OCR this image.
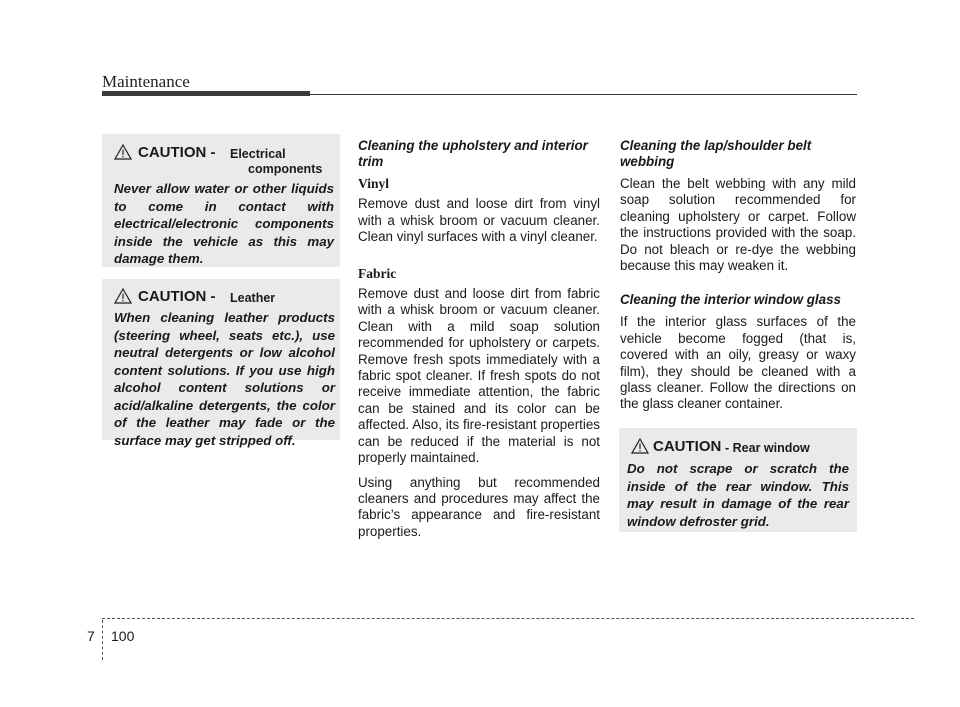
Maintenance
CAUTION - Electrical
components
Never allow water or other liquids to come in contact with electrical/electronic components inside the vehicle as this may damage them.
CAUTION - Leather
When cleaning leather products (steering wheel, seats etc.), use neutral detergents or low alcohol content solutions. If you use high alcohol content solutions or acid/alkaline detergents, the color of the leather may fade or the surface may get stripped off.
Cleaning the upholstery and interior trim
Vinyl

Remove dust and loose dirt from vinyl with a whisk broom or vacuum cleaner. Clean vinyl surfaces with a vinyl cleaner.

Fabric

Remove dust and loose dirt from fabric with a whisk broom or vacuum cleaner. Clean with a mild soap solution recommended for upholstery or carpets. Remove fresh spots immediately with a fabric spot cleaner. If fresh spots do not receive immediate attention, the fabric can be stained and its color can be affected. Also, its fire-resistant properties can be reduced if the material is not properly maintained.

Using anything but recommended cleaners and procedures may affect the fabric’s appearance and fire-resistant properties.

Cleaning the lap/shoulder belt webbing

Clean the belt webbing with any mild soap solution recommended for cleaning upholstery or carpet. Follow the instructions provided with the soap. Do not bleach or re-dye the webbing because this may weaken it.

Cleaning the interior window glass

If the interior glass surfaces of the vehicle become fogged (that is, covered with an oily, greasy or waxy film), they should be cleaned with a glass cleaner. Follow the directions on the glass cleaner container.

CAUTION - Rear window
Do not scrape or scratch the inside of the rear window. This may result in damage of the rear window defroster grid.
7 100
